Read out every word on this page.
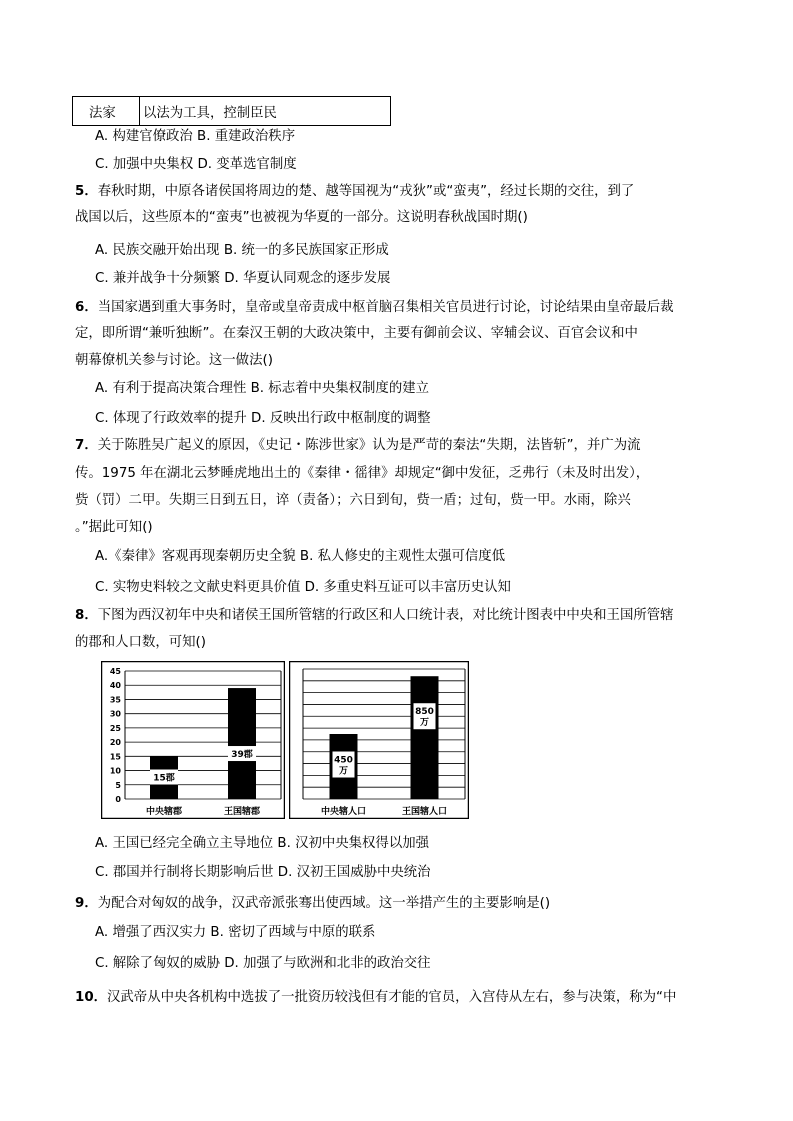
法家 以法为工具，控制臣民
A. 构建官僚政治 B. 重建政治秩序
C. 加强中央集权 D. 变革选官制度
5．春秋时期，中原各诸侯国将周边的楚、越等国视为“戎狄”或“蛮夷”，经过长期的交往，到了
战国以后，这些原本的“蛮夷”也被视为华夏的一部分。这说明春秋战国时期()
A. 民族交融开始出现 B. 统一的多民族国家正形成
C. 兼并战争十分频繁 D. 华夏认同观念的逐步发展
6．当国家遇到重大事务时，皇帝或皇帝责成中枢首脑召集相关官员进行讨论，讨论结果由皇帝最后裁
定，即所谓“兼听独断”。在秦汉王朝的大政决策中，主要有御前会议、宰辅会议、百官会议和中
朝幕僚机关参与讨论。这一做法()
A. 有利于提高决策合理性 B. 标志着中央集权制度的建立
C. 体现了行政效率的提升 D. 反映出行政中枢制度的调整
7．关于陈胜吴广起义的原因，《史记・陈涉世家》认为是严苛的秦法“失期，法皆斩”，并广为流
传。1975 年在湖北云梦睡虎地出土的《秦律・徭律》却规定“御中发征，乏弗行（未及时出发），
赀（罚）二甲。失期三日到五日，谇（责备）；六日到旬，赀一盾；过旬，赀一甲。水雨，除兴
。”据此可知()
A.《秦律》客观再现秦朝历史全貌 B. 私人修史的主观性太强可信度低
C. 实物史料较之文献史料更具价值 D. 多重史料互证可以丰富历史认知
8．下图为西汉初年中央和诸侯王国所管辖的行政区和人口统计表，对比统计图表中中央和王国所管辖
的郡和人口数，可知()
0
5
10
15
20
25
30
35
40
45
15郡
中央辖郡
39郡
王国辖郡
450
万
中央辖人口
850
万
王国辖人口
A. 王国已经完全确立主导地位 B. 汉初中央集权得以加强
C. 郡国并行制将长期影响后世 D. 汉初王国威胁中央统治
9．为配合对匈奴的战争，汉武帝派张骞出使西域。这一举措产生的主要影响是()
A. 增强了西汉实力 B. 密切了西域与中原的联系
C. 解除了匈奴的威胁 D. 加强了与欧洲和北非的政治交往
10．汉武帝从中央各机构中选拔了一批资历较浅但有才能的官员，入宫侍从左右，参与决策，称为“中
